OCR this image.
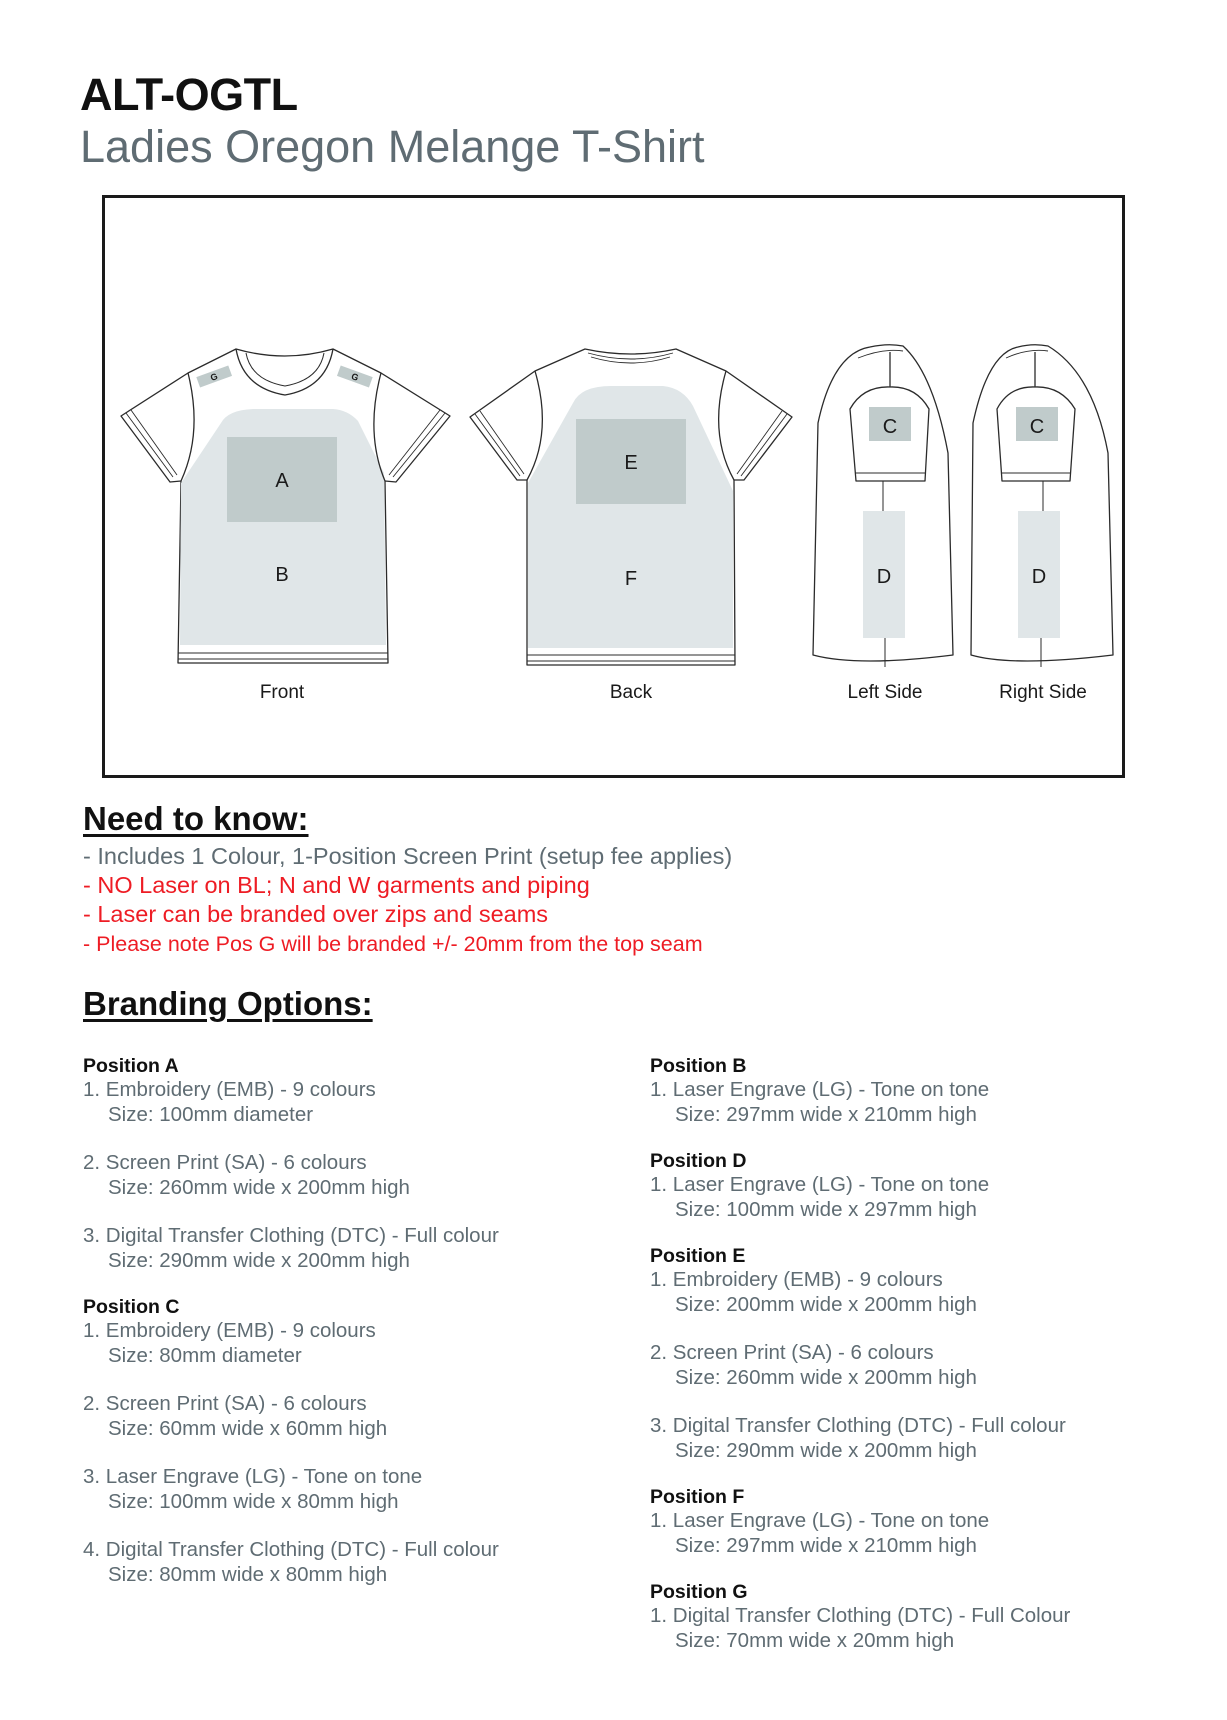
ALT-OGTL
Ladies Oregon Melange T-Shirt
A
B
E
F
C	C
D	D
G	G
Front	Back	Left Side	Right Side
Need to know:
- Includes 1 Colour, 1-Position Screen Print (setup fee applies)
- NO Laser on BL; N and W garments and piping
- Laser can be branded over zips and seams
- Please note Pos G will be branded +/- 20mm from the top seam
Branding Options:
Position A
1. Embroidery (EMB) - 9 colours
Size: 100mm diameter
2. Screen Print (SA) - 6 colours
Size: 260mm wide x 200mm high
3. Digital Transfer Clothing (DTC) - Full colour
Size: 290mm wide x 200mm high
Position C
1. Embroidery (EMB) - 9 colours
Size: 80mm diameter
2. Screen Print (SA) - 6 colours
Size: 60mm wide x 60mm high
3. Laser Engrave (LG) - Tone on tone
Size: 100mm wide x 80mm high
4. Digital Transfer Clothing (DTC) - Full colour
Size: 80mm wide x 80mm high
Position B
1. Laser Engrave (LG) - Tone on tone
Size: 297mm wide x 210mm high
Position D
1. Laser Engrave (LG) - Tone on tone
Size: 100mm wide x 297mm high
Position E
1. Embroidery (EMB) - 9 colours
Size: 200mm wide x 200mm high
2. Screen Print (SA) - 6 colours
Size: 260mm wide x 200mm high
3. Digital Transfer Clothing (DTC) - Full colour
Size: 290mm wide x 200mm high
Position F
1. Laser Engrave (LG) - Tone on tone
Size: 297mm wide x 210mm high
Position G
1. Digital Transfer Clothing (DTC) - Full Colour
Size: 70mm wide x 20mm high
